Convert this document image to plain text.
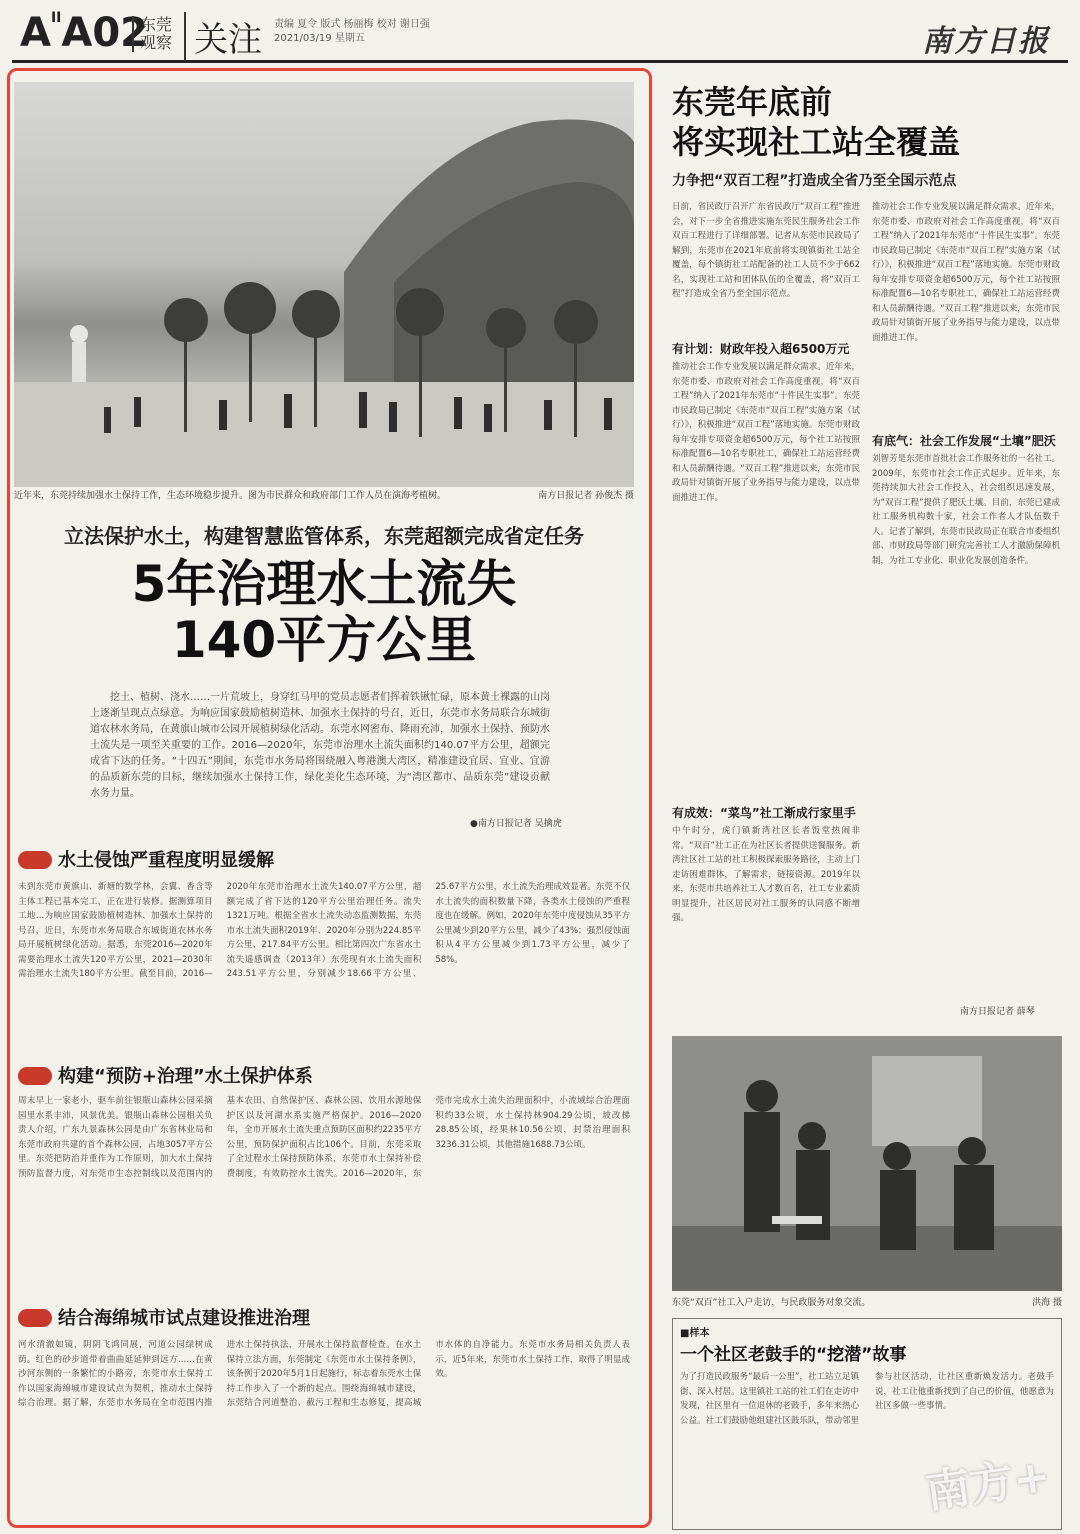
$A^{II}A02$
东莞 观察 关注 责编 夏令 版式 杨丽梅 校对 谢日强 2021/03/19 星期五	南方日报
近年来，东莞持续加强水土保持工作，生态环境稳步提升。图为市民群众和政府部门工作人员在演海考植树。	南方日报记者 孙俊杰 摄
立法保护水土，构建智慧监管体系，东莞超额完成省定任务
5年治理水土流失
140平方公里
挖土、植树、浇水……一片荒坡上，身穿红马甲的党员志愿者们挥着铁锹忙碌，原本黄土裸露的山岗上逐渐呈现点点绿意。为响应国家鼓励植树造林、加强水土保持的号召，近日，东莞市水务局联合东城街道农林水务局，在黄旗山城市公园开展植树绿化活动。东莞水网密布、降雨充沛，加强水土保持、预防水土流失是一项至关重要的工作。2016—2020年，东莞市治理水土流失面积约140.07平方公里，超额完成省下达的任务。“十四五”期间，东莞市水务局将围绕融入粤港澳大湾区，精准建设宜居、宜业、宜游的品质新东莞的目标，继续加强水土保持工作，绿化美化生态环境，为“湾区都市、品质东莞”建设贡献水务力量。
●南方日报记者 吴擒虎
水土侵蚀严重程度明显缓解
未到东莞市黄旗山、新塘的数学林，会翼、香含等主体工程已基本完工，正在进行装修。据测算项目工地…为响应国家鼓励植树造林、加强水土保持的号召，近日，东莞市水务局联合东城街道农林水务局开展植树绿化活动。据悉，东莞2016—2020年需要治理水土流失120平方公里，2021—2030年需治理水土流失180平方公里。截至目前，2016—2020年东莞市治理水土流失140.07平方公里，超额完成了省下达的120平方公里治理任务。流失1321万吨。根据全省水土流失动态监测数据，东莞市水土流失面积2019年、2020年分别为224.85平方公里、217.84平方公里。相比第四次广东省水土流失遥感调查（2013年）东莞现有水土流失面积243.51平方公里，分别减少18.66平方公里、25.67平方公里，水土流失治理成效显著。东莞不仅水土流失的面积数量下降，各类水土侵蚀的严重程度也在缓解。例如，2020年东莞中度侵蚀从35平方公里减少到20平方公里，减少了43%；强烈侵蚀面积从4平方公里减少到1.73平方公里，减少了58%。
构建“预防+治理”水土保护体系
周末早上一家老小，驱车前往银瓶山森林公园采摘园里水系丰沛，风景优美。银瓶山森林公园相关负责人介绍，广东九景森林公园是由广东省林业局和东莞市政府共建的首个森林公园，占地3057平方公里。东莞把防治并重作为工作原则，加大水土保持预防监督力度，对东莞市生态控制线以及范围内的基本农田、自然保护区、森林公园、饮用水源地保护区以及河湖水系实施严格保护。2016—2020年，全市开展水土流失重点预防区面积约2235平方公里，预防保护面积占比106个。目前，东莞采取了全过程水土保持预防体系，东莞市水土保持补偿费制度，有效防控水土流失。2016—2020年，东莞市完成水土流失治理面积中，小流域综合治理面积约33公顷，水土保持林904.29公顷，坡改梯28.85公顷，经果林10.56公顷，封禁治理面积3236.31公顷，其他措施1688.73公顷。
结合海绵城市试点建设推进治理
河水清澈如镜，阴阴飞鸿同展，河道公园绿树成荫。红色的砂步道带着曲曲延延伸到远方……在黄沙河东侧的一条繁忙的小路旁，东莞市水土保持工作以国家海绵城市建设试点为契机，推动水土保持综合治理。据了解，东莞市水务局在全市范围内推进水土保持执法，开展水土保持监督检查。在水土保持立法方面，东莞制定《东莞市水土保持条例》，该条例于2020年5月1日起施行，标志着东莞水土保持工作步入了一个新的起点。围绕海绵城市建设，东莞结合河道整治、截污工程和生态修复，提高城市水体的自净能力。东莞市水务局相关负责人表示，近5年来，东莞市水土保持工作，取得了明显成效。
东莞年底前
将实现社工站全覆盖
力争把“双百工程”打造成全省乃至全国示范点
日前，省民政厅召开广东省民政厅“双百工程”推进会，对下一步全省推进实施东莞民生服务社会工作双百工程进行了详细部署。记者从东莞市民政局了解到，东莞市在2021年底前将实现镇街社工站全覆盖，每个镇街社工站配备的社工人员不少于662名，实现社工站和团体队伍的全覆盖，将“双百工程”打造成全省乃至全国示范点。
有计划：财政年投入超6500万元
推动社会工作专业发展以满足群众需求。近年来，东莞市委、市政府对社会工作高度重视，将“双百工程”纳入了2021年东莞市“十件民生实事”。东莞市民政局已制定《东莞市“双百工程”实施方案（试行）》，积极推进“双百工程”落地实施。东莞市财政每年安排专项资金超6500万元，每个社工站按照标准配置6—10名专职社工，确保社工站运营经费和人员薪酬待遇。“双百工程”推进以来，东莞市民政局针对镇街开展了业务指导与能力建设，以点带面推进工作。
有成效：“菜鸟”社工渐成行家里手
中午时分，虎门镇新湾社区长者饭堂热闹非常。“双百”社工正在为社区长者提供送餐服务。新湾社区社工站的社工积极探索服务路径，主动上门走访困难群体，了解需求，链接资源。2019年以来，东莞市共培养社工人才数百名，社工专业素质明显提升，社区居民对社工服务的认同感不断增强。
推动社会工作专业发展以满足群众需求。近年来，东莞市委、市政府对社会工作高度重视，将“双百工程”纳入了2021年东莞市“十件民生实事”。东莞市民政局已制定《东莞市“双百工程”实施方案（试行）》，积极推进“双百工程”落地实施。东莞市财政每年安排专项资金超6500万元，每个社工站按照标准配置6—10名专职社工，确保社工站运营经费和人员薪酬待遇。“双百工程”推进以来，东莞市民政局针对镇街开展了业务指导与能力建设，以点带面推进工作。
有底气：社会工作发展“土壤”肥沃
刘智芳是东莞市首批社会工作服务社的一名社工。2009年，东莞市社会工作正式起步。近年来，东莞持续加大社会工作投入，社会组织迅速发展，为“双百工程”提供了肥沃土壤。目前，东莞已建成社工服务机构数十家，社会工作者人才队伍数千人。记者了解到，东莞市民政局正在联合市委组织部、市财政局等部门研究完善社工人才激励保障机制，为社工专业化、职业化发展创造条件。
南方日报记者 薛琴
东莞“双百”社工入户走访，与民政服务对象交流。	洪海 摄
■样本
一个社区老鼓手的“挖潜”故事
为了打造民政服务“最后一公里”，社工站立足镇街、深入村居。这里镇社工站的社工们在走访中发现，社区里有一位退休的老鼓手，多年来热心公益。社工们鼓励他组建社区鼓乐队，带动邻里参与社区活动，让社区重新焕发活力。老鼓手说，社工让他重新找到了自己的价值，他愿意为社区多做一些事情。
南方+
